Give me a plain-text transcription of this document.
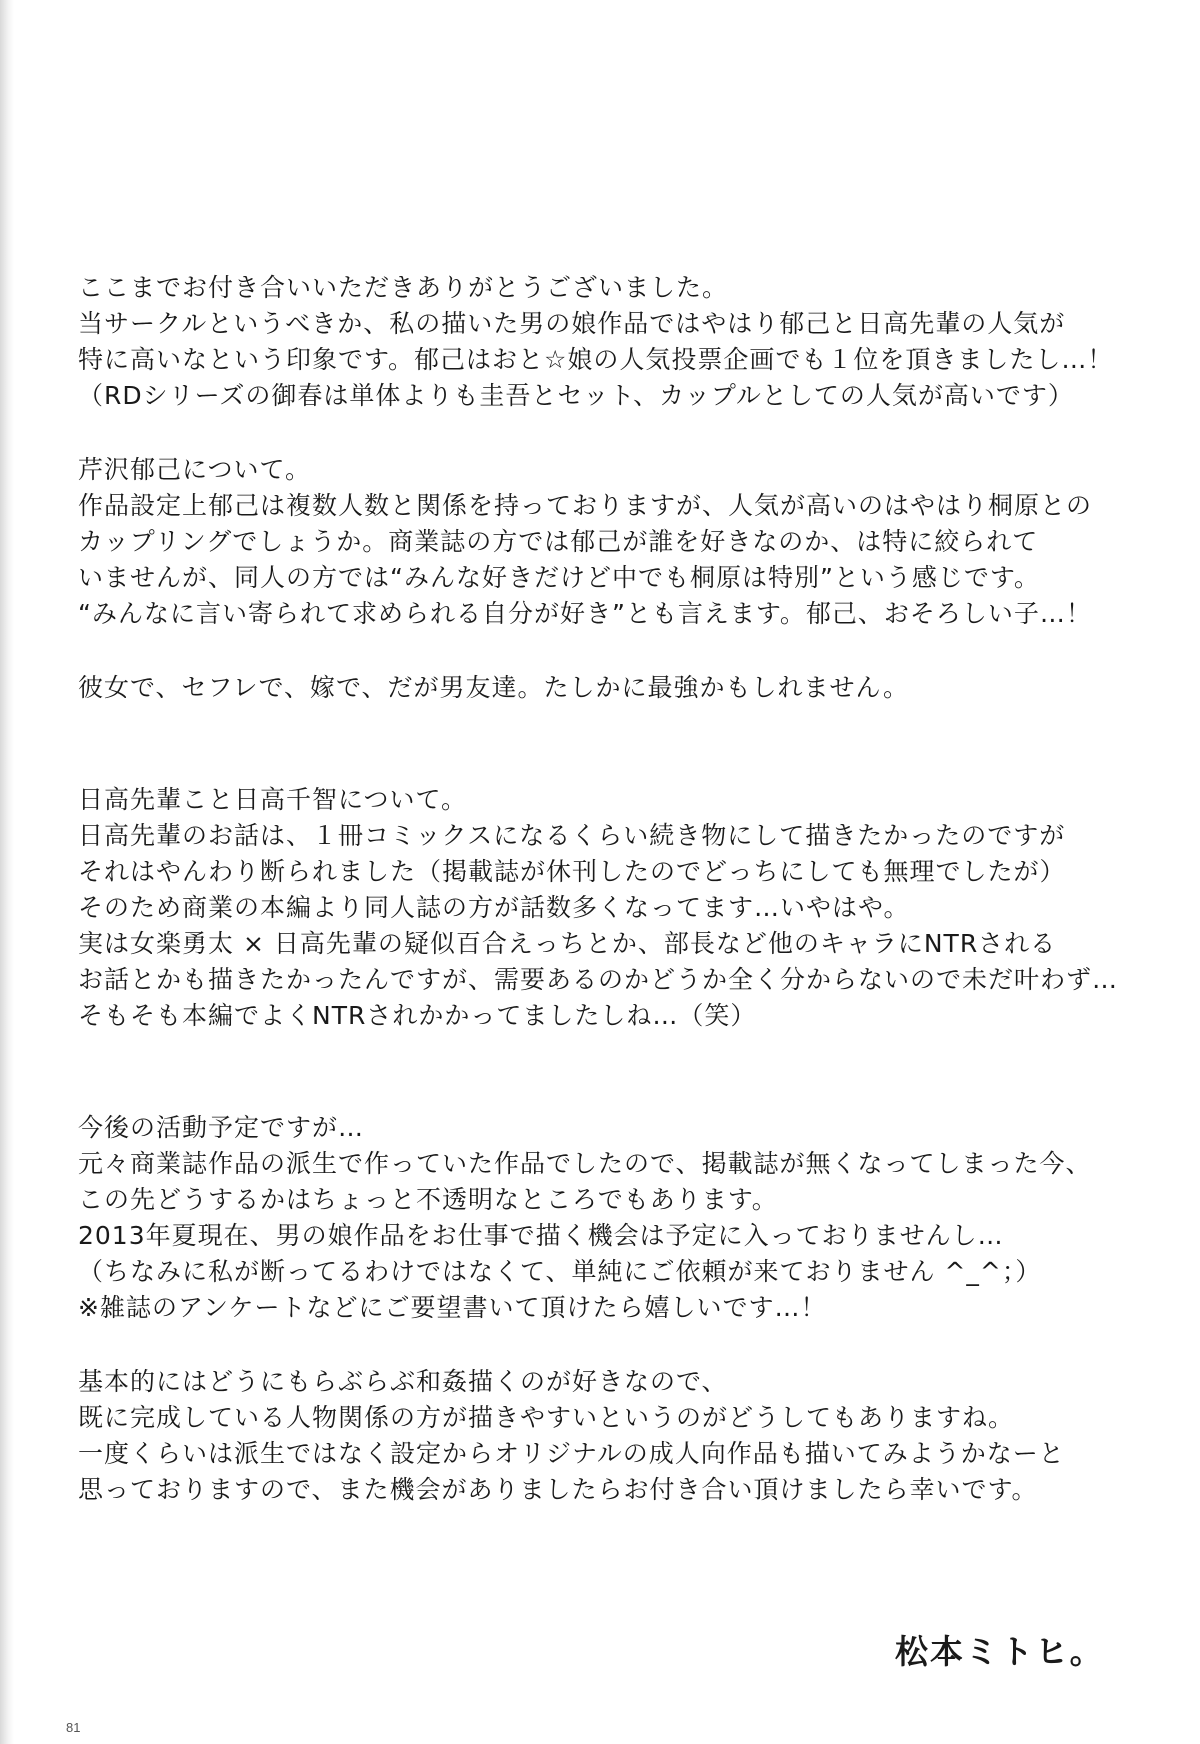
ここまでお付き合いいただきありがとうございました。
当サークルというべきか、私の描いた男の娘作品ではやはり郁己と日高先輩の人気が
特に高いなという印象です。郁己はおと☆娘の人気投票企画でも１位を頂きましたし…！
（RDシリーズの御春は単体よりも圭吾とセット、カップルとしての人気が高いです）
芹沢郁己について。
作品設定上郁己は複数人数と関係を持っておりますが、人気が高いのはやはり桐原との
カップリングでしょうか。商業誌の方では郁己が誰を好きなのか、は特に絞られて
いませんが、同人の方では“みんな好きだけど中でも桐原は特別”という感じです。
“みんなに言い寄られて求められる自分が好き”とも言えます。郁己、おそろしい子…！
彼女で、セフレで、嫁で、だが男友達。たしかに最強かもしれません。
日高先輩こと日高千智について。
日高先輩のお話は、１冊コミックスになるくらい続き物にして描きたかったのですが
それはやんわり断られました（掲載誌が休刊したのでどっちにしても無理でしたが）
そのため商業の本編より同人誌の方が話数多くなってます…いやはや。
実は女楽勇太 × 日高先輩の疑似百合えっちとか、部長など他のキャラにNTRされる
お話とかも描きたかったんですが、需要あるのかどうか全く分からないので未だ叶わず…
そもそも本編でよくNTRされかかってましたしね…（笑）
今後の活動予定ですが…
元々商業誌作品の派生で作っていた作品でしたので、掲載誌が無くなってしまった今、
この先どうするかはちょっと不透明なところでもあります。
2013年夏現在、男の娘作品をお仕事で描く機会は予定に入っておりませんし…
（ちなみに私が断ってるわけではなくて、単純にご依頼が来ておりません ^_^；）
※雑誌のアンケートなどにご要望書いて頂けたら嬉しいです…！
基本的にはどうにもらぶらぶ和姦描くのが好きなので、
既に完成している人物関係の方が描きやすいというのがどうしてもありますね。
一度くらいは派生ではなく設定からオリジナルの成人向作品も描いてみようかなーと
思っておりますので、また機会がありましたらお付き合い頂けましたら幸いです。
松本ミトヒ。
81
